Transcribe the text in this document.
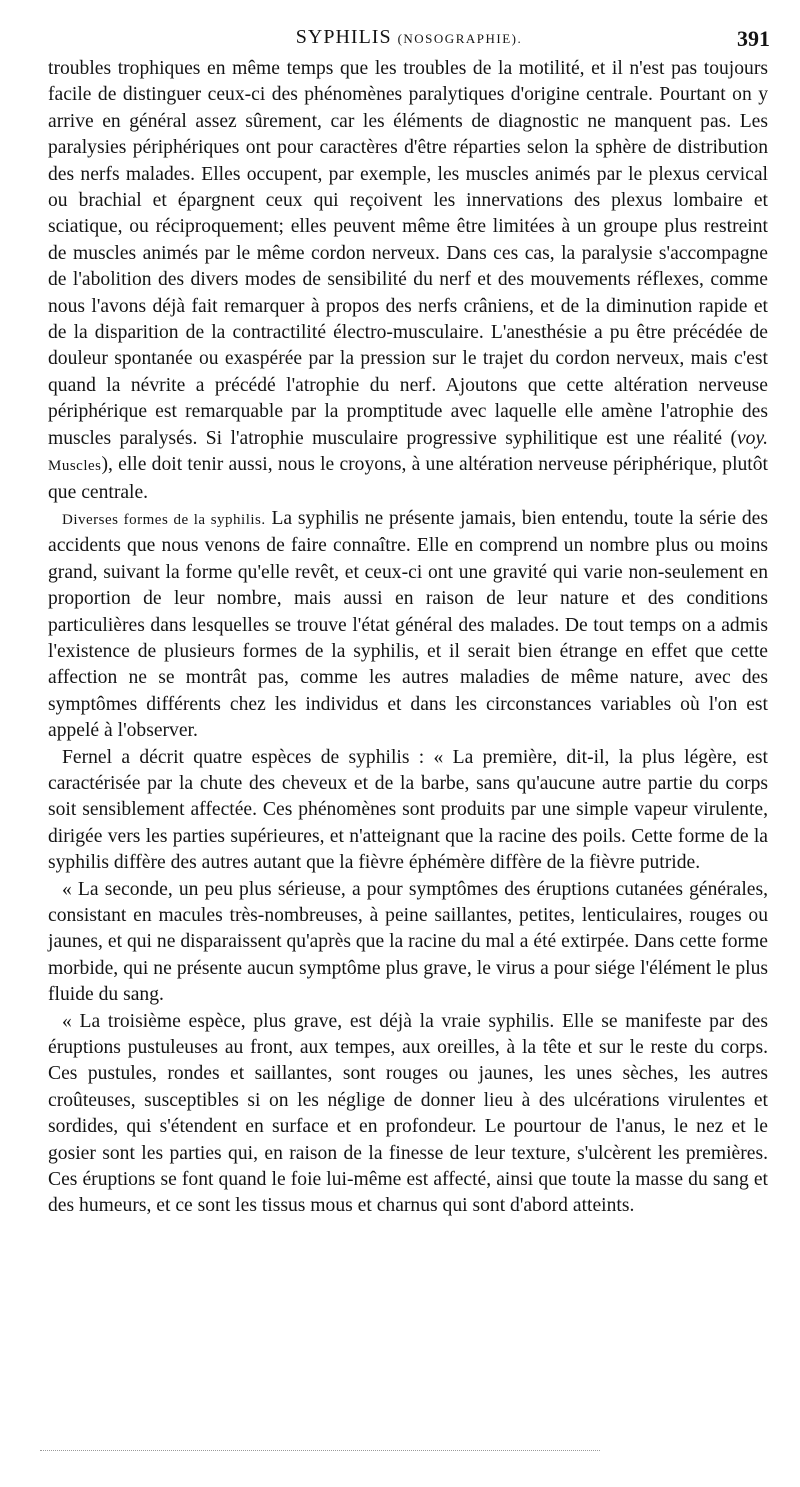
SYPHILIS (NOSOGRAPHIE).	391

troubles trophiques en même temps que les troubles de la motilité, et il n'est pas toujours facile de distinguer ceux-ci des phénomènes paralytiques d'origine centrale. Pourtant on y arrive en général assez sûrement, car les éléments de diagnostic ne manquent pas. Les paralysies périphériques ont pour caractères d'être réparties selon la sphère de distribution des nerfs malades. Elles occupent, par exemple, les muscles animés par le plexus cervical ou brachial et épargnent ceux qui reçoivent les innervations des plexus lombaire et sciatique, ou réciproquement; elles peuvent même être limitées à un groupe plus restreint de muscles animés par le même cordon nerveux. Dans ces cas, la paralysie s'accompagne de l'abolition des divers modes de sensibilité du nerf et des mouvements réflexes, comme nous l'avons déjà fait remarquer à propos des nerfs crâniens, et de la diminution rapide et de la disparition de la contractilité électro-musculaire. L'anesthésie a pu être précédée de douleur spontanée ou exaspérée par la pression sur le trajet du cordon nerveux, mais c'est quand la névrite a précédé l'atrophie du nerf. Ajoutons que cette altération nerveuse périphérique est remarquable par la promptitude avec laquelle elle amène l'atrophie des muscles paralysés. Si l'atrophie musculaire progressive syphilitique est une réalité (voy. Muscles), elle doit tenir aussi, nous le croyons, à une altération nerveuse périphérique, plutôt que centrale.

Diverses formes de la syphilis. La syphilis ne présente jamais, bien entendu, toute la série des accidents que nous venons de faire connaître. Elle en comprend un nombre plus ou moins grand, suivant la forme qu'elle revêt, et ceux-ci ont une gravité qui varie non-seulement en proportion de leur nombre, mais aussi en raison de leur nature et des conditions particulières dans lesquelles se trouve l'état général des malades. De tout temps on a admis l'existence de plusieurs formes de la syphilis, et il serait bien étrange en effet que cette affection ne se montrât pas, comme les autres maladies de même nature, avec des symptômes différents chez les individus et dans les circonstances variables où l'on est appelé à l'observer.

Fernel a décrit quatre espèces de syphilis : « La première, dit-il, la plus légère, est caractérisée par la chute des cheveux et de la barbe, sans qu'aucune autre partie du corps soit sensiblement affectée. Ces phénomènes sont produits par une simple vapeur virulente, dirigée vers les parties supérieures, et n'atteignant que la racine des poils. Cette forme de la syphilis diffère des autres autant que la fièvre éphémère diffère de la fièvre putride.

« La seconde, un peu plus sérieuse, a pour symptômes des éruptions cutanées générales, consistant en macules très-nombreuses, à peine saillantes, petites, lenticulaires, rouges ou jaunes, et qui ne disparaissent qu'après que la racine du mal a été extirpée. Dans cette forme morbide, qui ne présente aucun symptôme plus grave, le virus a pour siége l'élément le plus fluide du sang.

« La troisième espèce, plus grave, est déjà la vraie syphilis. Elle se manifeste par des éruptions pustuleuses au front, aux tempes, aux oreilles, à la tête et sur le reste du corps. Ces pustules, rondes et saillantes, sont rouges ou jaunes, les unes sèches, les autres croûteuses, susceptibles si on les néglige de donner lieu à des ulcérations virulentes et sordides, qui s'étendent en surface et en profondeur. Le pourtour de l'anus, le nez et le gosier sont les parties qui, en raison de la finesse de leur texture, s'ulcèrent les premières. Ces éruptions se font quand le foie lui-même est affecté, ainsi que toute la masse du sang et des humeurs, et ce sont les tissus mous et charnus qui sont d'abord atteints.
